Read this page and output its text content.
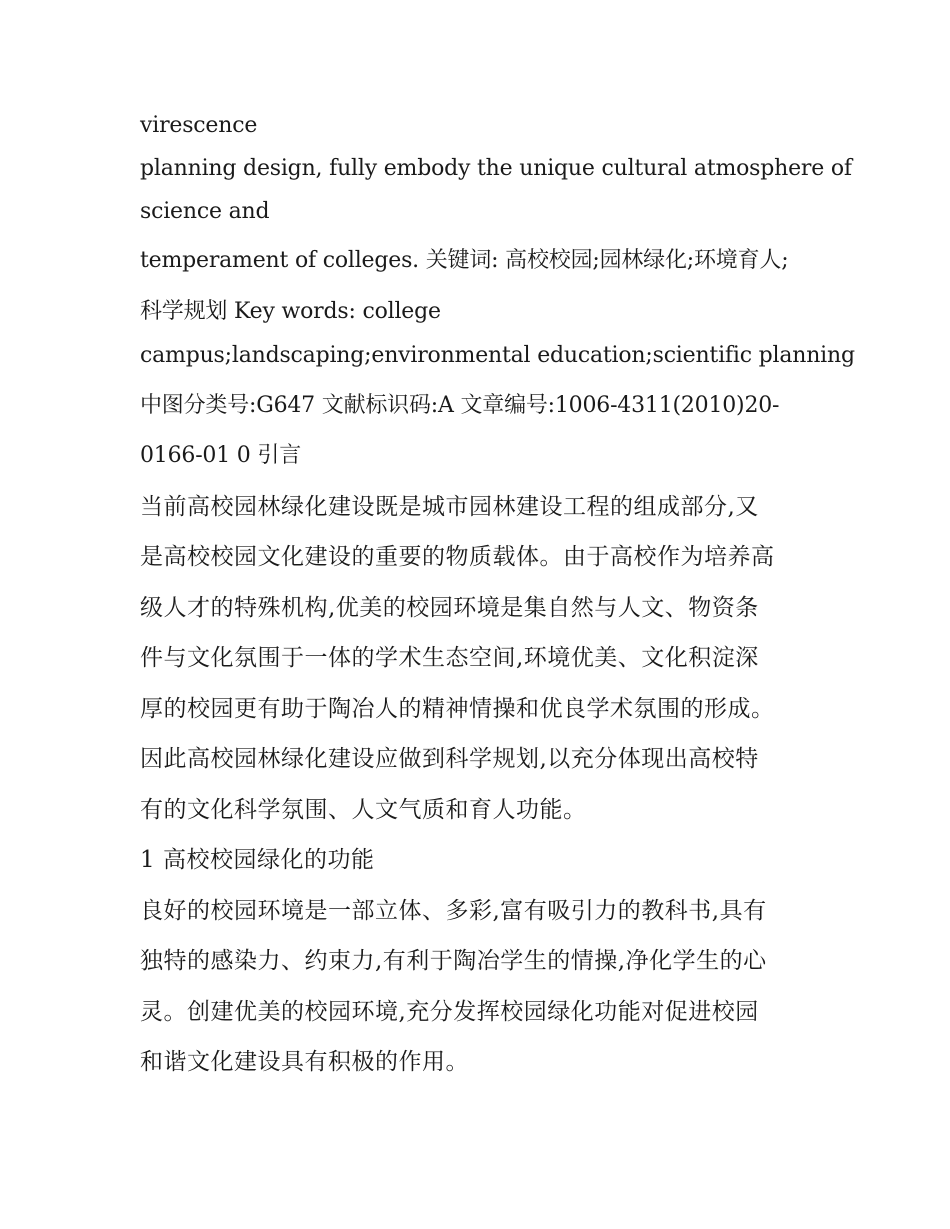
virescence
planning design, fully embody the unique cultural atmosphere of
science and
temperament of colleges. 关键词: 高校校园;园林绿化;环境育人;
科学规划 Key words: college
campus;landscaping;environmental education;scientific planning
中图分类号:G647 文献标识码:A 文章编号:1006-4311(2010)20-
0166-01 0 引言
当前高校园林绿化建设既是城市园林建设工程的组成部分,又
是高校校园文化建设的重要的物质载体。由于高校作为培养高
级人才的特殊机构,优美的校园环境是集自然与人文、物资条
件与文化氛围于一体的学术生态空间,环境优美、文化积淀深
厚的校园更有助于陶冶人的精神情操和优良学术氛围的形成。
因此高校园林绿化建设应做到科学规划,以充分体现出高校特
有的文化科学氛围、人文气质和育人功能。
1 高校校园绿化的功能
良好的校园环境是一部立体、多彩,富有吸引力的教科书,具有
独特的感染力、约束力,有利于陶冶学生的情操,净化学生的心
灵。创建优美的校园环境,充分发挥校园绿化功能对促进校园
和谐文化建设具有积极的作用。
